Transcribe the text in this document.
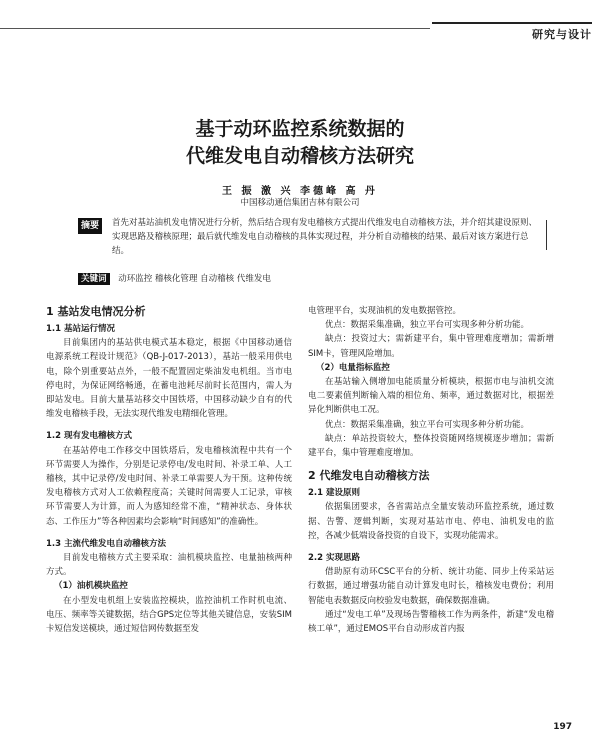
研究与设计
基于动环监控系统数据的
代维发电自动稽核方法研究
王 振 激 兴 李德峰 高 丹
中国移动通信集团吉林有限公司
摘要	首先对基站油机发电情况进行分析，然后结合现有发电稽核方式提出代维发电自动稽核方法，并介绍其建设原则、实现思路及稽核原理；最后就代维发电自动稽核的具体实现过程，并分析自动稽核的结果、最后对该方案进行总结。
关键词 动环监控 稽核化管理 自动稽核 代维发电
1 基站发电情况分析
1.1 基站运行情况

目前集团内的基站供电模式基本稳定，根据《中国移动通信电源系统工程设计规范》（QB-J-017-2013），基站一般采用供电电，除个别重要站点外，一般不配置固定柴油发电机组。当市电停电时，为保证网络畅通，在蓄电池耗尽前时长范围内，需人为即站发电。目前大量基站移交中国铁塔，中国移动缺少自有的代维发电稽核手段，无法实现代维发电精细化管理。

1.2 现有发电稽核方式

在基站停电工作移交中国铁塔后，发电稽核流程中共有一个环节需要人为操作，分别是记录停电/发电时间、补录工单、人工稽核，其中记录停/发电时间、补录工单需要人为干预。这种传统发电稽核方式对人工依赖程度高；关键时间需要人工记录，审核环节需要人为计算，而人为感知经常不准，“精神状态、身体状态、工作压力”等各种因素均会影响“时间感知”的准确性。

1.3 主流代维发电自动稽核方法

目前发电稽核方式主要采取：油机模块监控、电量抽核两种方式。

（1）油机模块监控

在小型发电机组上安装监控模块，监控油机工作时机电流、电压、频率等关键数据，结合GPS定位等其他关键信息，安装SIM卡短信发送模块，通过短信网传数据至发

电管理平台，实现油机的发电数据管控。

优点：数据采集准确，独立平台可实现多种分析功能。

缺点：投资过大；需新建平台，集中管理难度增加；需新增SIM卡，管理风险增加。

（2）电量指标监控

在基站输入侧增加电能质量分析模块，根据市电与油机交流电二要素值判断输入端的相位角、频率，通过数据对比，根据差异化判断供电工况。

优点：数据采集准确，独立平台可实现多种分析功能。

缺点：单站投资较大，整体投资随网络规模逐步增加；需新建平台，集中管理难度增加。

2 代维发电自动稽核方法
2.1 建设原则

依据集团要求，各省需站点全量安装动环监控系统，通过数据、告警、逻辑判断，实现对基站市电、停电、油机发电的监控，各减少低端设备投资的自设下，实现功能需求。

2.2 实现思路

借助原有动环CSC平台的分析、统计功能、同步上传采站运行数据，通过增强功能自动计算发电时长，稽核发电费份；利用智能电表数据反向校验发电数据，确保数据准确。

通过“发电工单”及现场告警稽核工作为两条件，新建“发电稽核工单”，通过EMOS平台自动形成首内报

197
